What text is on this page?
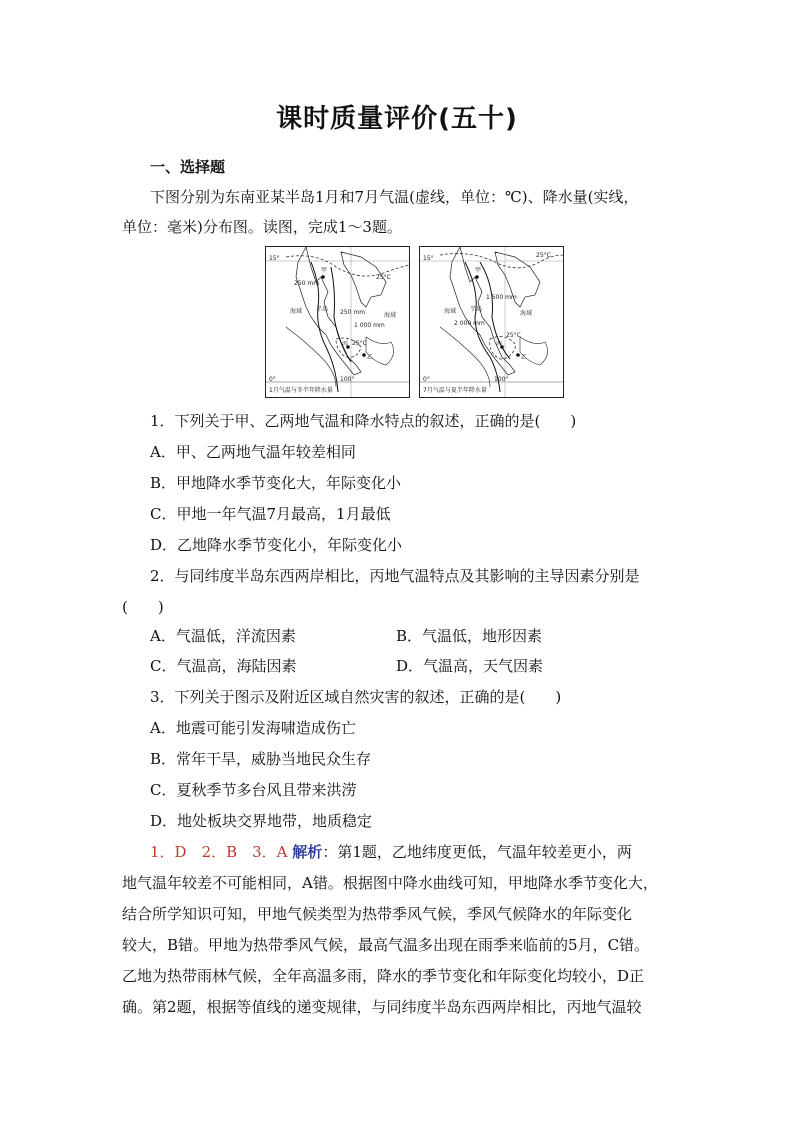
课时质量评价(五十)
一、选择题
下图分别为东南亚某半岛1月和7月气温(虚线，单位：℃)、降水量(实线，
单位：毫米)分布图。读图，完成1～3题。
15°
0°	100°
甲
丙
乙
25°C
25°C
250 mm
250 mm
1 000 mm
海域
海域
半岛
1月气温与冬半年降水量
15°
0°	100°
甲
丙
乙
25°C
25°C
1 500 mm
2 000 mm
海域	海域
半岛
7月气温与夏半年降水量
1．下列关于甲、乙两地气温和降水特点的叙述，正确的是(　　)
A．甲、乙两地气温年较差相同
B．甲地降水季节变化大，年际变化小
C．甲地一年气温7月最高，1月最低
D．乙地降水季节变化小，年际变化小
2．与同纬度半岛东西两岸相比，丙地气温特点及其影响的主导因素分别是
(　　)
A．气温低，洋流因素	B．气温低，地形因素
C．气温高，海陆因素	D．气温高，天气因素
3．下列关于图示及附近区域自然灾害的叙述，正确的是(　　)
A．地震可能引发海啸造成伤亡
B．常年干旱，威胁当地民众生存
C．夏秋季节多台风且带来洪涝
D．地处板块交界地带，地质稳定
1．D　2．B　3．A 解析：第1题，乙地纬度更低，气温年较差更小，两
地气温年较差不可能相同，A错。根据图中降水曲线可知，甲地降水季节变化大，
结合所学知识可知，甲地气候类型为热带季风气候，季风气候降水的年际变化
较大，B错。甲地为热带季风气候，最高气温多出现在雨季来临前的5月，C错。
乙地为热带雨林气候，全年高温多雨，降水的季节变化和年际变化均较小，D正
确。第2题，根据等值线的递变规律，与同纬度半岛东西两岸相比，丙地气温较
